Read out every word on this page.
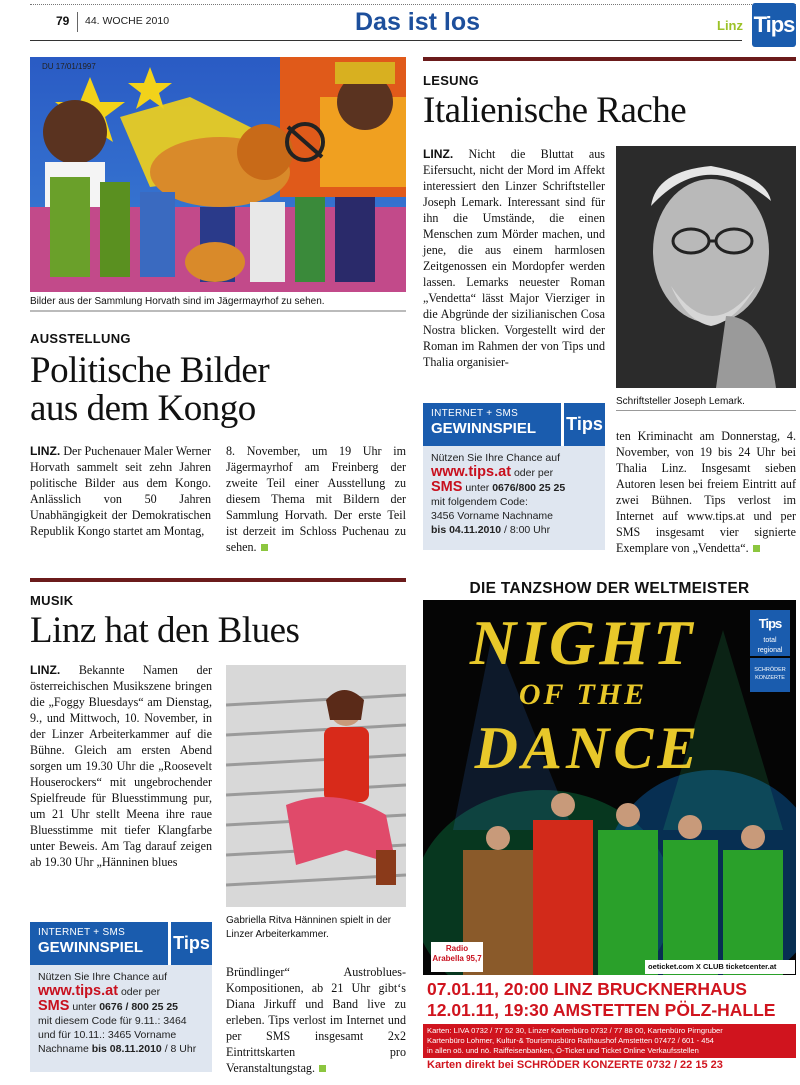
79 44. WOCHE 2010	Das ist los	Linz Tips
DU 17/01/1997
Bilder aus der Sammlung Horvath sind im Jägermayrhof zu sehen.
AUSSTELLUNG
Politische Bilder
aus dem Kongo
LINZ. Der Puchenauer Maler Werner Horvath sammelt seit zehn Jahren politische Bilder aus dem Kongo. Anlässlich von 50 Jahren Unabhängigkeit der Demokratischen Republik Kongo startet am Montag,
8. November, um 19 Uhr im Jägermayrhof am Freinberg der zweite Teil einer Ausstellung zu diesem Thema mit Bildern der Sammlung Horvath. Der erste Teil ist derzeit im Schloss Puchenau zu sehen.
LESUNG
Italienische Rache
LINZ. Nicht die Bluttat aus Eifersucht, nicht der Mord im Affekt interessiert den Linzer Schriftsteller Joseph Lemark. Interessant sind für ihn die Umstände, die einen Menschen zum Mörder machen, und jene, die aus einem harmlosen Zeitgenossen ein Mordopfer werden lassen. Lemarks neuester Roman „Vendetta“ lässt Major Vierziger in die Abgründe der sizilianischen Cosa Nostra blicken. Vorgestellt wird der Roman im Rahmen der von Tips und Thalia organisier-
Schriftsteller Joseph Lemark.
INTERNET + SMS
GEWINNSPIEL	Tips
Nützen Sie Ihre Chance auf
www.tips.at oder per
SMS unter 0676/800 25 25
mit folgendem Code:
3456 Vorname Nachname
bis 04.11.2010 / 8:00 Uhr
ten Kriminacht am Donnerstag, 4. November, von 19 bis 24 Uhr bei Thalia Linz. Insgesamt sieben Autoren lesen bei freiem Eintritt auf zwei Bühnen. Tips verlost im Internet auf www.tips.at und per SMS insgesamt vier signierte Exemplare von „Vendetta“.
MUSIK
Linz hat den Blues
LINZ. Bekannte Namen der österreichischen Musikszene bringen die „Foggy Bluesdays“ am Dienstag, 9., und Mittwoch, 10. November, in der Linzer Arbeiterkammer auf die Bühne. Gleich am ersten Abend sorgen um 19.30 Uhr die „Roosevelt Houserockers“ mit ungebrochender Spielfreude für Bluesstimmung pur, um 21 Uhr stellt Meena ihre raue Bluesstimme mit tiefer Klangfarbe unter Beweis. Am Tag darauf zeigen ab 19.30 Uhr „Hänninen blues
Gabriella Ritva Hänninen spielt in der Linzer Arbeiterkammer.
INTERNET + SMS
GEWINNSPIEL	Tips
Nützen Sie Ihre Chance auf
www.tips.at oder per
SMS unter 0676 / 800 25 25
mit diesem Code für 9.11.: 3464
und für 10.11.: 3465 Vorname
Nachname bis 08.11.2010 / 8 Uhr
Bründlinger“ Austroblues-Kompositionen, ab 21 Uhr gibt‘s Diana Jirkuff und Band live zu erleben. Tips verlost im Internet und per SMS insgesamt 2x2 Eintrittskarten pro Veranstaltungstag.
DIE TANZSHOW DER WELTMEISTER
NIGHT
OF THE
DANCE
Tips
total regional
SCHRÖDER KONZERTE
Radio Arabella 95,7
oeticket.com X CLUB ticketcenter.at
07.01.11, 20:00 LINZ BRUCKNERHAUS
12.01.11, 19:30 AMSTETTEN PÖLZ-HALLE
Karten: LIVA 0732 / 77 52 30, Linzer Kartenbüro 0732 / 77 88 00, Kartenbüro Pirngruber
Kartenbüro Lohmer, Kultur-& Tourismusbüro Rathaushof Amstetten 07472 / 601 - 454
in allen oö. und nö. Raiffeisenbanken, Ö-Ticket und Ticket Online Verkaufsstellen
Karten direkt bei SCHRÖDER KONZERTE 0732 / 22 15 23
